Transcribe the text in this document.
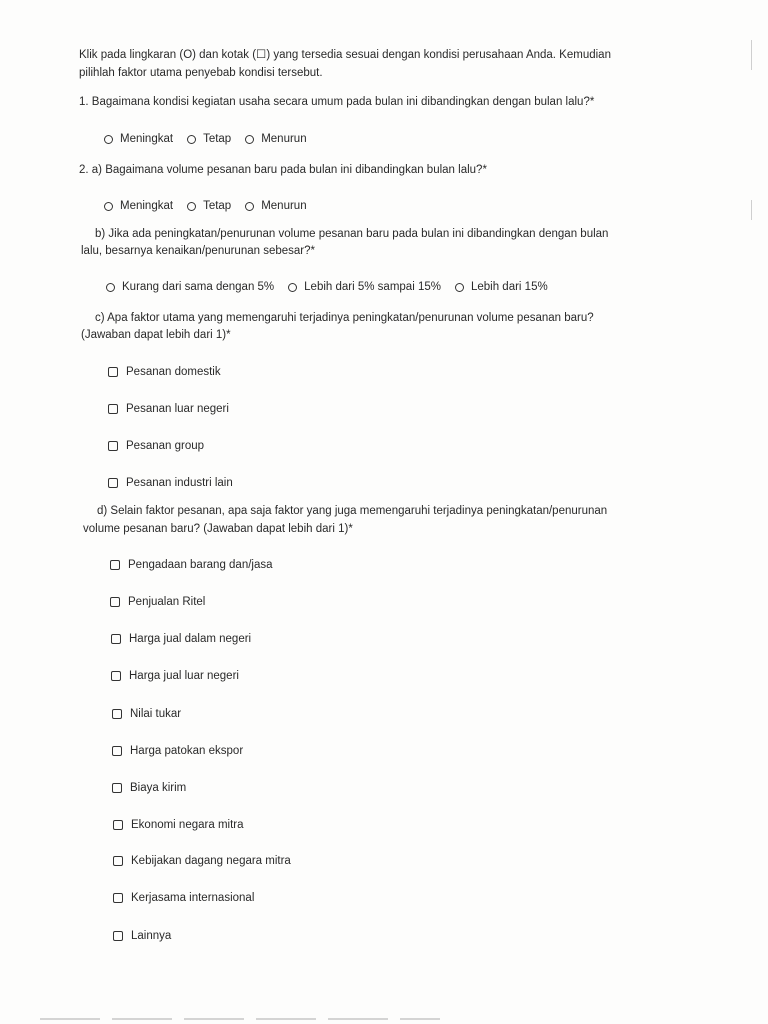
Klik pada lingkaran (O) dan kotak (☐) yang tersedia sesuai dengan kondisi perusahaan Anda. Kemudian
pilihlah faktor utama penyebab kondisi tersebut.
1. Bagaimana kondisi kegiatan usaha secara umum pada bulan ini dibandingkan dengan bulan lalu?*
Meningkat	Tetap	Menurun
2. a) Bagaimana volume pesanan baru pada bulan ini dibandingkan bulan lalu?*
Meningkat	Tetap	Menurun
b) Jika ada peningkatan/penurunan volume pesanan baru pada bulan ini dibandingkan dengan bulan
lalu, besarnya kenaikan/penurunan sebesar?*
Kurang dari sama dengan 5%	Lebih dari 5% sampai 15%	Lebih dari 15%
c) Apa faktor utama yang memengaruhi terjadinya peningkatan/penurunan volume pesanan baru?
(Jawaban dapat lebih dari 1)*
Pesanan domestik
Pesanan luar negeri
Pesanan group
Pesanan industri lain
d) Selain faktor pesanan, apa saja faktor yang juga memengaruhi terjadinya peningkatan/penurunan
volume pesanan baru? (Jawaban dapat lebih dari 1)*
Pengadaan barang dan/jasa
Penjualan Ritel
Harga jual dalam negeri
Harga jual luar negeri
Nilai tukar
Harga patokan ekspor
Biaya kirim
Ekonomi negara mitra
Kebijakan dagang negara mitra
Kerjasama internasional
Lainnya
